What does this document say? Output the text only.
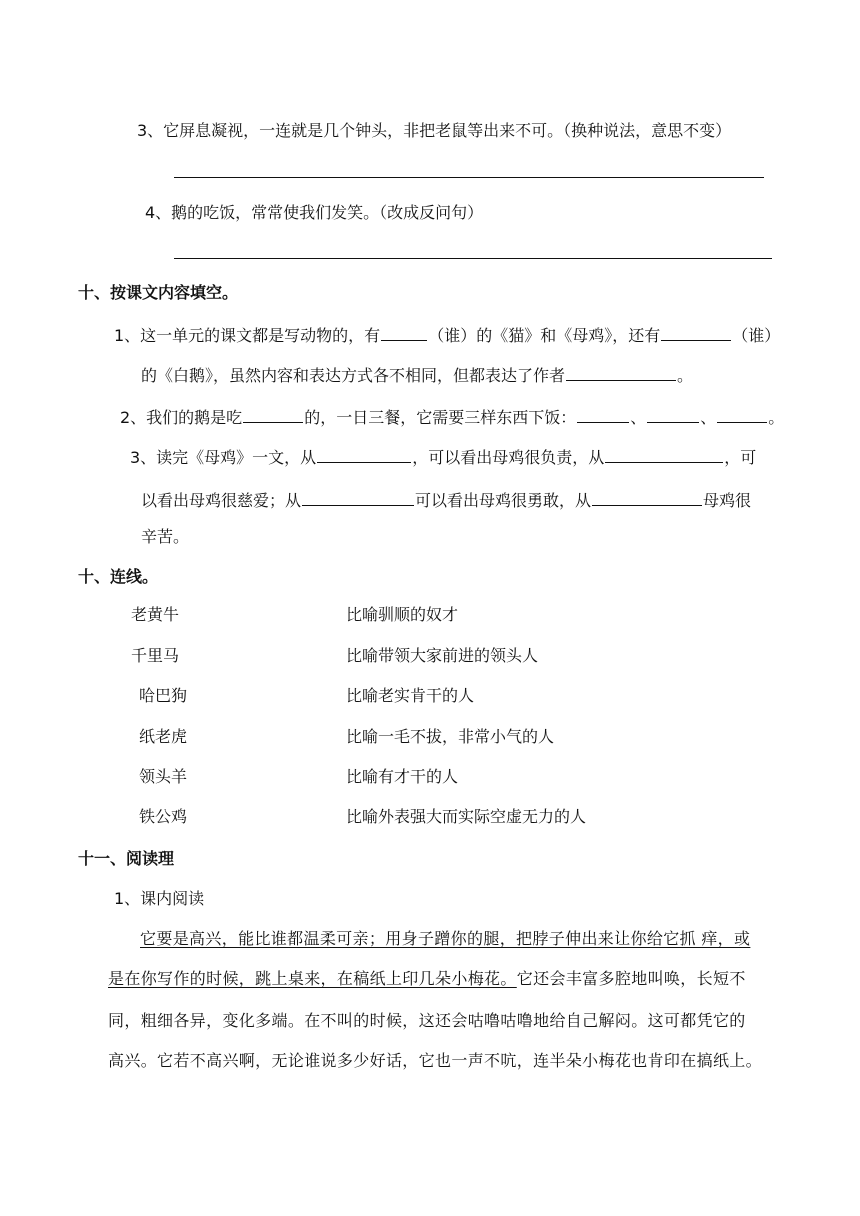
3、它屏息凝视，一连就是几个钟头，非把老鼠等出来不可。（换种说法，意思不变）
4、鹅的吃饭，常常使我们发笑。（改成反问句）
十、按课文内容填空。
1、这一单元的课文都是写动物的，有	（谁）的《猫》和《母鸡》，还有	（谁）
的《白鹅》，虽然内容和表达方式各不相同，但都表达了作者	。
2、我们的鹅是吃	的，一日三餐，它需要三样东西下饭：	、	、	。
3、读完《母鸡》一文，从	，可以看出母鸡很负责，从	，可
以看出母鸡很慈爱；从	可以看出母鸡很勇敢，从	母鸡很
辛苦。
十、连线。
老黄牛	比喻驯顺的奴才
千里马	比喻带领大家前进的领头人
哈巴狗	比喻老实肯干的人
纸老虎	比喻一毛不拔，非常小气的人
领头羊	比喻有才干的人
铁公鸡	比喻外表强大而实际空虚无力的人
十一、阅读理
1、课内阅读
它要是高兴，能比谁都温柔可亲；用身子蹭你的腿，把脖子伸出来让你给它抓 痒，或
是在你写作的时候，跳上桌来，在稿纸上印几朵小梅花。它还会丰富多腔地叫唤，长短不
同，粗细各异，变化多端。在不叫的时候，这还会咕噜咕噜地给自己解闷。这可都凭它的
高兴。它若不高兴啊，无论谁说多少好话，它也一声不吭，连半朵小梅花也肯印在搞纸上。
